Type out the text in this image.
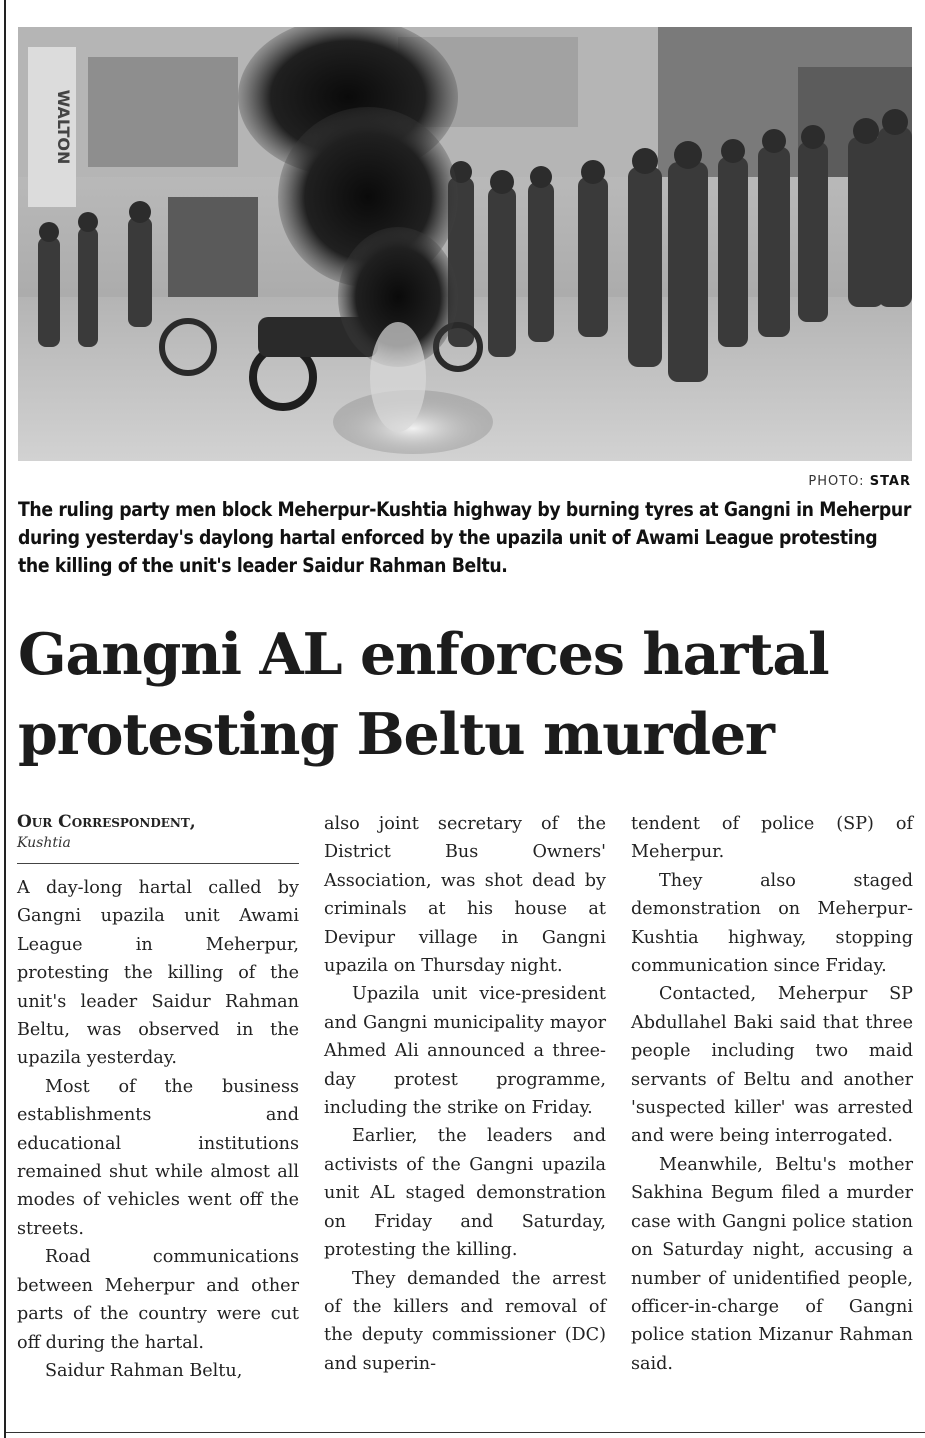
WALTON
PHOTO: STAR
The ruling party men block Meherpur-Kushtia highway by burning tyres at Gangni in Meherpur during yesterday's daylong hartal enforced by the upazila unit of Awami League protesting the killing of the unit's leader Saidur Rahman Beltu.
Gangni AL enforces hartal
protesting Beltu murder
Our Correspondent,
Kushtia

A day-long hartal called by Gangni upazila unit Awami League in Meherpur, protesting the killing of the unit's leader Saidur Rahman Beltu, was observed in the upazila yesterday.

Most of the business establishments and educational institutions remained shut while almost all modes of vehicles went off the streets.

Road communications between Meherpur and other parts of the country were cut off during the hartal.

Saidur Rahman Beltu,

also joint secretary of the District Bus Owners' Association, was shot dead by criminals at his house at Devipur village in Gangni upazila on Thursday night.

Upazila unit vice-president and Gangni municipality mayor Ahmed Ali announced a three-day protest programme, including the strike on Friday.

Earlier, the leaders and activists of the Gangni upazila unit AL staged demonstration on Friday and Saturday, protesting the killing.

They demanded the arrest of the killers and removal of the deputy commissioner (DC) and superin-

tendent of police (SP) of Meherpur.

They also staged demonstration on Meherpur-Kushtia highway, stopping communication since Friday.

Contacted, Meherpur SP Abdullahel Baki said that three people including two maid servants of Beltu and another 'suspected killer' was arrested and were being interrogated.

Meanwhile, Beltu's mother Sakhina Begum filed a murder case with Gangni police station on Saturday night, accusing a number of unidentified people, officer-in-charge of Gangni police station Mizanur Rahman said.
